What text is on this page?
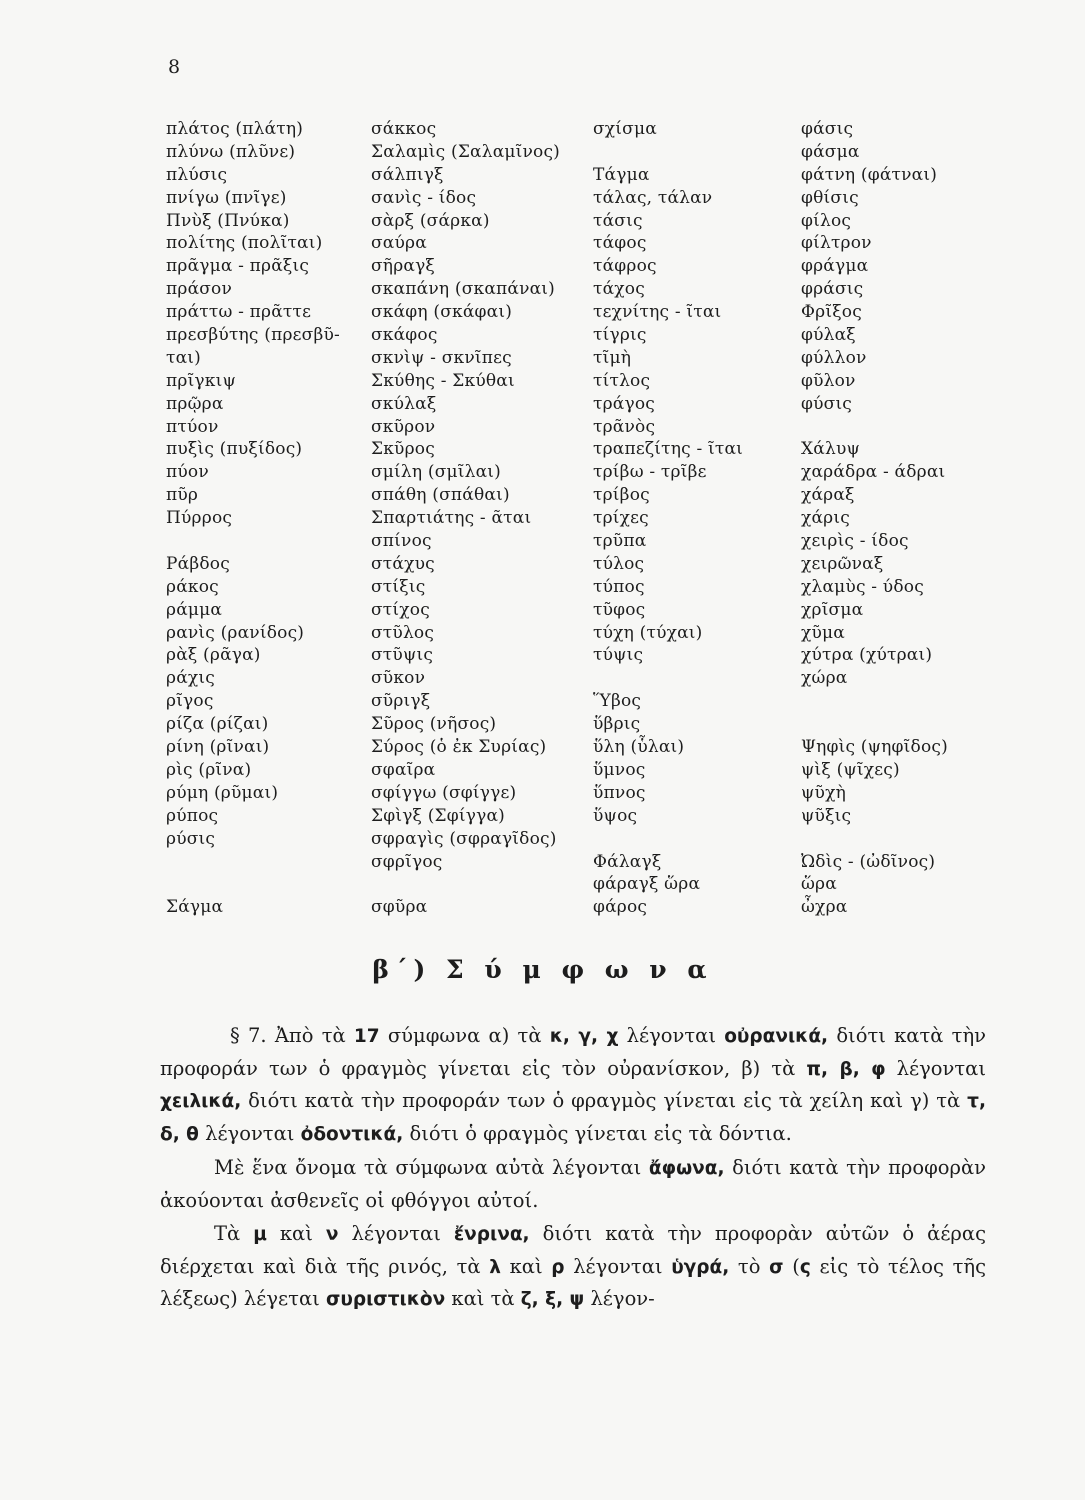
8
πλάτος (πλάτη)
πλύνω (πλῦνε)
πλύσις
πνίγω (πνῖγε)
Πνὺξ (Πνύκα)
πολίτης (πολῖται)
πρᾶγμα - πρᾶξις
πράσον
πράττω - πρᾶττε
πρεσβύτης (πρεσβῦ-
ται)
πρῖγκιψ
πρῷρα
πτύον
πυξὶς (πυξίδος)
πύον
πῦρ
Πύρρος
Ράβδος
ράκος
ράμμα
ρανὶς (ρανίδος)
ρὰξ (ρᾶγα)
ράχις
ρῖγος
ρίζα (ρίζαι)
ρίνη (ρῖναι)
ρὶς (ρῖνα)
ρύμη (ρῦμαι)
ρύπος
ρύσις
Σάγμα
σάκκος
Σαλαμὶς (Σαλαμῖνος)
σάλπιγξ
σανὶς - ίδος
σὰρξ (σάρκα)
σαύρα
σῆραγξ
σκαπάνη (σκαπάναι)
σκάφη (σκάφαι)
σκάφος
σκνὶψ - σκνῖπες
Σκύθης - Σκύθαι
σκύλαξ
σκῦρον
Σκῦρος
σμίλη (σμῖλαι)
σπάθη (σπάθαι)
Σπαρτιάτης - ᾶται
σπίνος
στάχυς
στίξις
στίχος
στῦλος
στῦψις
σῦκον
σῦριγξ
Σῦρος (νῆσος)
Σύρος (ὁ ἐκ Συρίας)
σφαῖρα
σφίγγω (σφίγγε)
Σφὶγξ (Σφίγγα)
σφραγὶς (σφραγῖδος)
σφρῖγος
σφῦρα
σχίσμα
Τάγμα
τάλας, τάλαν
τάσις
τάφος
τάφρος
τάχος
τεχνίτης - ῖται
τίγρις
τῖμὴ
τίτλος
τράγος
τρᾶνὸς
τραπεζίτης - ῖται
τρίβω - τρῖβε
τρίβος
τρίχες
τρῦπα
τύλος
τύπος
τῦφος
τύχη (τύχαι)
τύψις
Ὕβος
ὕβρις
ὕλη (ὗλαι)
ὕμνος
ὕπνος
ὕψος
Φάλαγξ
φάραγξ ὥρα
φάρος
φάσις
φάσμα
φάτνη (φάτναι)
φθίσις
φίλος
φίλτρον
φράγμα
φράσις
Φρῖξος
φύλαξ
φύλλον
φῦλον
φύσις
Χάλυψ
χαράδρα - άδραι
χάραξ
χάρις
χειρὶς - ίδος
χειρῶναξ
χλαμὺς - ύδος
χρῖσμα
χῦμα
χύτρα (χύτραι)
χώρα
Ψηφὶς (ψηφῖδος)
ψὶξ (ψῖχες)
ψῦχὴ
ψῦξις
Ὠδὶς - (ὠδῖνος)
ὥρα
ὦχρα
β΄) Σ ύ μ φ ω ν α

§ 7. Ἀπὸ τὰ 17 σύμφωνα α) τὰ κ, γ, χ λέγονται οὐρανικά, διότι κατὰ τὴν προφοράν των ὁ φραγμὸς γίνεται εἰς τὸν οὐρανίσκον, β) τὰ π, β, φ λέγονται χειλικά, διότι κατὰ τὴν προφοράν των ὁ φραγμὸς γίνεται εἰς τὰ χείλη καὶ γ) τὰ τ, δ, θ λέγονται ὀδοντικά, διότι ὁ φραγμὸς γίνεται εἰς τὰ δόντια.

Μὲ ἕνα ὄνομα τὰ σύμφωνα αὐτὰ λέγονται ἄφωνα, διότι κατὰ τὴν προφορὰν ἀκούονται ἀσθενεῖς οἱ φθόγγοι αὐτοί.

Τὰ μ καὶ ν λέγονται ἔνρινα, διότι κατὰ τὴν προφορὰν αὐτῶν ὁ ἀέρας διέρχεται καὶ διὰ τῆς ρινός, τὰ λ καὶ ρ λέγονται ὑγρά, τὸ σ (ς εἰς τὸ τέλος τῆς λέξεως) λέγεται συριστικὸν καὶ τὰ ζ, ξ, ψ λέγον-
